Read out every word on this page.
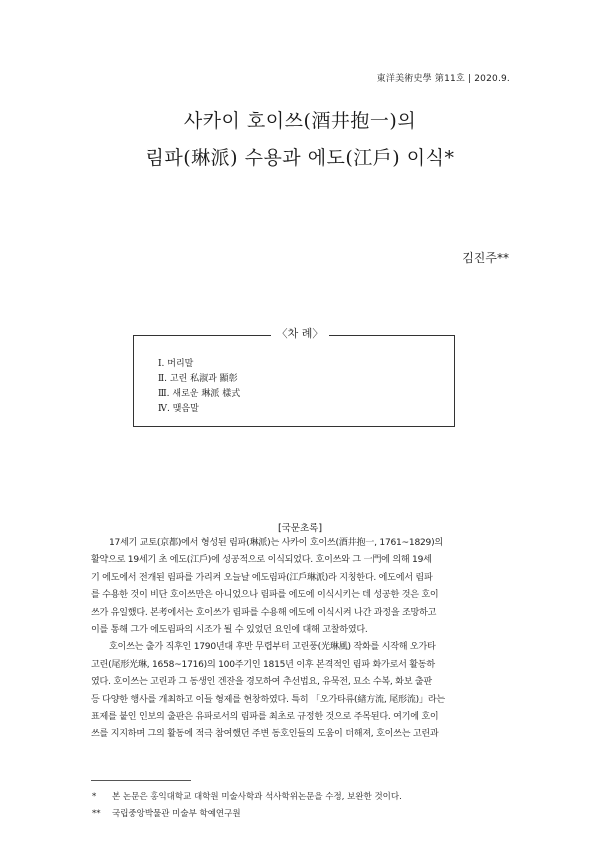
東洋美術史學 第11호 | 2020.9.
사카이 호이쓰(酒井抱一)의
림파(琳派) 수용과 에도(江戶) 이식*
김진주**
〈차 례〉
Ⅰ. 머리말
Ⅱ. 고린 私淑과 顯彰
Ⅲ. 새로운 琳派 樣式
Ⅳ. 맺음말
[국문초록]
17세기 교토(京都)에서 형성된 림파(琳派)는 사카이 호이쓰(酒井抱一, 1761~1829)의
활약으로 19세기 초 에도(江戶)에 성공적으로 이식되었다. 호이쓰와 그 一門에 의해 19세
기 에도에서 전개된 림파를 가리켜 오늘날 에도림파(江戶琳派)라 지칭한다. 에도에서 림파
를 수용한 것이 비단 호이쓰만은 아니었으나 림파를 에도에 이식시키는 데 성공한 것은 호이
쓰가 유일했다. 본考에서는 호이쓰가 림파를 수용해 에도에 이식시켜 나간 과정을 조망하고
이를 통해 그가 에도림파의 시조가 될 수 있었던 요인에 대해 고찰하였다.
호이쓰는 출가 직후인 1790년대 후반 무렵부터 고린풍(光琳風) 작화를 시작해 오가타
고린(尾形光琳, 1658~1716)의 100주기인 1815년 이후 본격적인 림파 화가로서 활동하
였다. 호이쓰는 고린과 그 동생인 겐잔을 경모하여 추선법요, 유묵전, 묘소 수복, 화보 출판
등 다양한 행사를 개최하고 이들 형제를 현창하였다. 특히 「오가타류(緖方流, 尾形流)」라는
표제를 붙인 인보의 출판은 유파로서의 림파를 최초로 규정한 것으로 주목된다. 여기에 호이
쓰를 지지하며 그의 활동에 적극 참여했던 주변 동호인들의 도움이 더해져, 호이쓰는 고린과
* 본 논문은 홍익대학교 대학원 미술사학과 석사학위논문을 수정, 보완한 것이다.
** 국립중앙박물관 미술부 학예연구원
